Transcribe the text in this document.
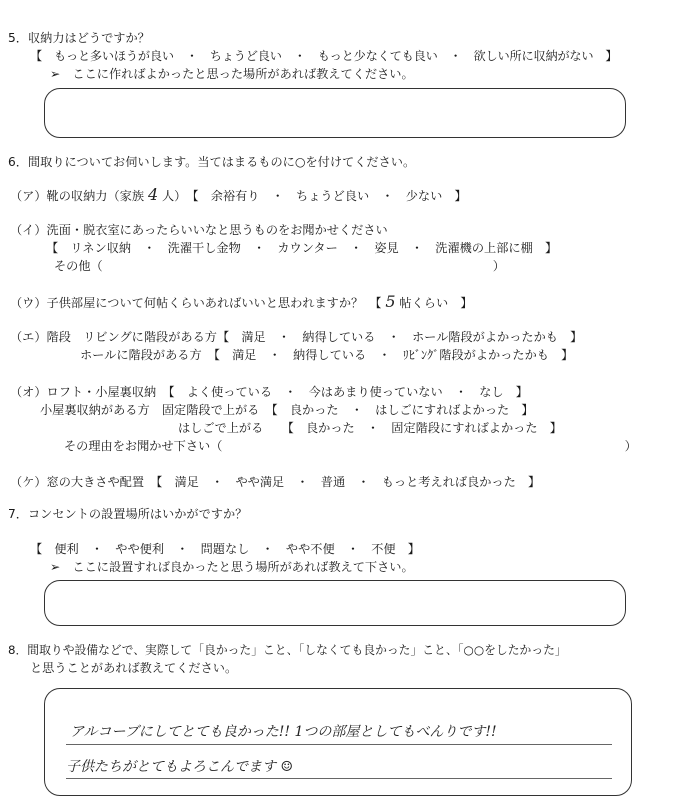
5．収納力はどうですか？
【　もっと多いほうが良い　・　ちょうど良い　・　もっと少なくても良い　・　欲しい所に収納がない　】
➢　ここに作ればよかったと思った場所があれば教えてください。
6．間取りについてお伺いします。当てはまるものに○を付けてください。
（ア）靴の収納力（家族 4 人）　【　余裕有り　・　ちょうど良い　・　少ない　】
（イ）洗面・脱衣室にあったらいいなと思うものをお聞かせください
【　リネン収納　・　洗濯干し金物　・　カウンター　・　姿見　・　洗濯機の上部に棚　】
その他（　　　　　　　　　　　　　　　　　　　　　　　　　　　　　　　　）
（ウ）子供部屋について何帖くらいあればいいと思われますか？　【 5 帖くらい　】
（エ）階段　リビングに階段がある方【　満足　・　納得している　・　ホール階段がよかったかも　】
ホールに階段がある方　【　満足　・　納得している　・　ﾘﾋﾞﾝｸﾞ階段がよかったかも　】
（オ）ロフト・小屋裏収納　【　よく使っている　・　今はあまり使っていない　・　なし　】
小屋裏収納がある方　固定階段で上がる　【　良かった　・　はしごにすればよかった　】
はしごで上がる　　【　良かった　・　固定階段にすればよかった　】
その理由をお聞かせ下さい（　　　　　　　　　　　　　　　　　　　　　　　　　　　　　　　　　）
（ケ）窓の大きさや配置　【　満足　・　やや満足　・　普通　・　もっと考えれば良かった　】
7．コンセントの設置場所はいかがですか？
【　便利　・　やや便利　・　問題なし　・　やや不便　・　不便　】
➢　ここに設置すれば良かったと思う場所があれば教えて下さい。
8．間取りや設備などで、実際して「良かった」こと、「しなくても良かった」こと、「○○をしたかった」
と思うことがあれば教えてください。
アルコーブにしてとても良かった!! 1つの部屋としてもべんりです!!
子供たちがとてもよろこんでます ☺
